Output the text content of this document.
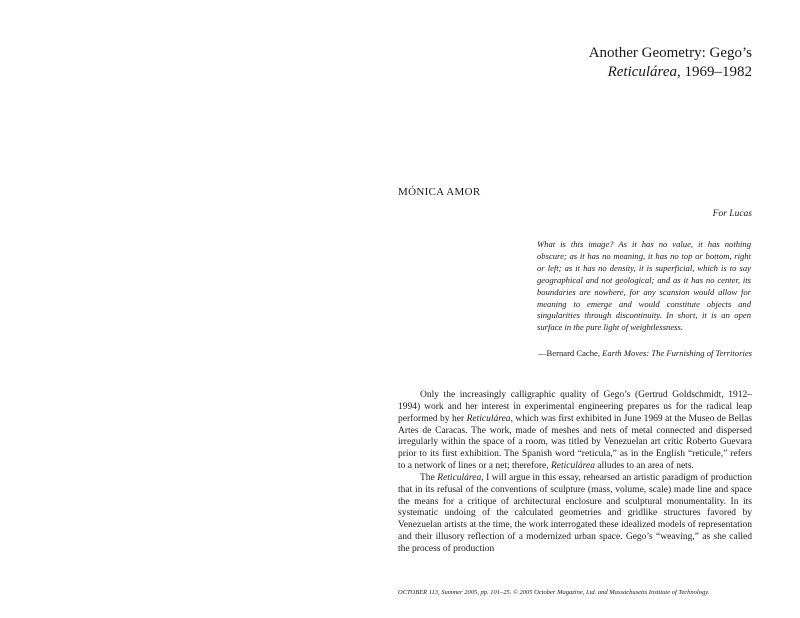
Another Geometry: Gego’s
Reticulárea, 1969–1982
MÓNICA AMOR
For Lucas

What is this image? As it has no value, it has nothing obscure; as it has no meaning, it has no top or bottom, right or left; as it has no density, it is superficial, which is to say geographical and not geological; and as it has no center, its boundaries are nowhere, for any scansion would allow for meaning to emerge and would constitute objects and singularities through discontinuity. In short, it is an open surface in the pure light of weightlessness.

—Bernard Cache, Earth Moves: The Furnishing of Territories

Only the increasingly calligraphic quality of Gego’s (Gertrud Goldschmidt, 1912–1994) work and her interest in experimental engineering prepares us for the radical leap performed by her Reticulárea, which was first exhibited in June 1969 at the Museo de Bellas Artes de Caracas. The work, made of meshes and nets of metal connected and dispersed irregularly within the space of a room, was titled by Venezuelan art critic Roberto Guevara prior to its first exhibition. The Spanish word “reticula,” as in the English “reticule,” refers to a network of lines or a net; therefore, Reticulárea alludes to an area of nets.

The Reticulárea, I will argue in this essay, rehearsed an artistic paradigm of production that in its refusal of the conventions of sculpture (mass, volume, scale) made line and space the means for a critique of architectural enclosure and sculptural monumentality. In its systematic undoing of the calculated geometries and gridlike structures favored by Venezuelan artists at the time, the work interrogated these idealized models of representation and their illusory reflection of a modernized urban space. Gego’s “weaving,” as she called the process of production

OCTOBER 113, Summer 2005, pp. 101–25. © 2005 October Magazine, Ltd. and Massachusetts Institute of Technology.
